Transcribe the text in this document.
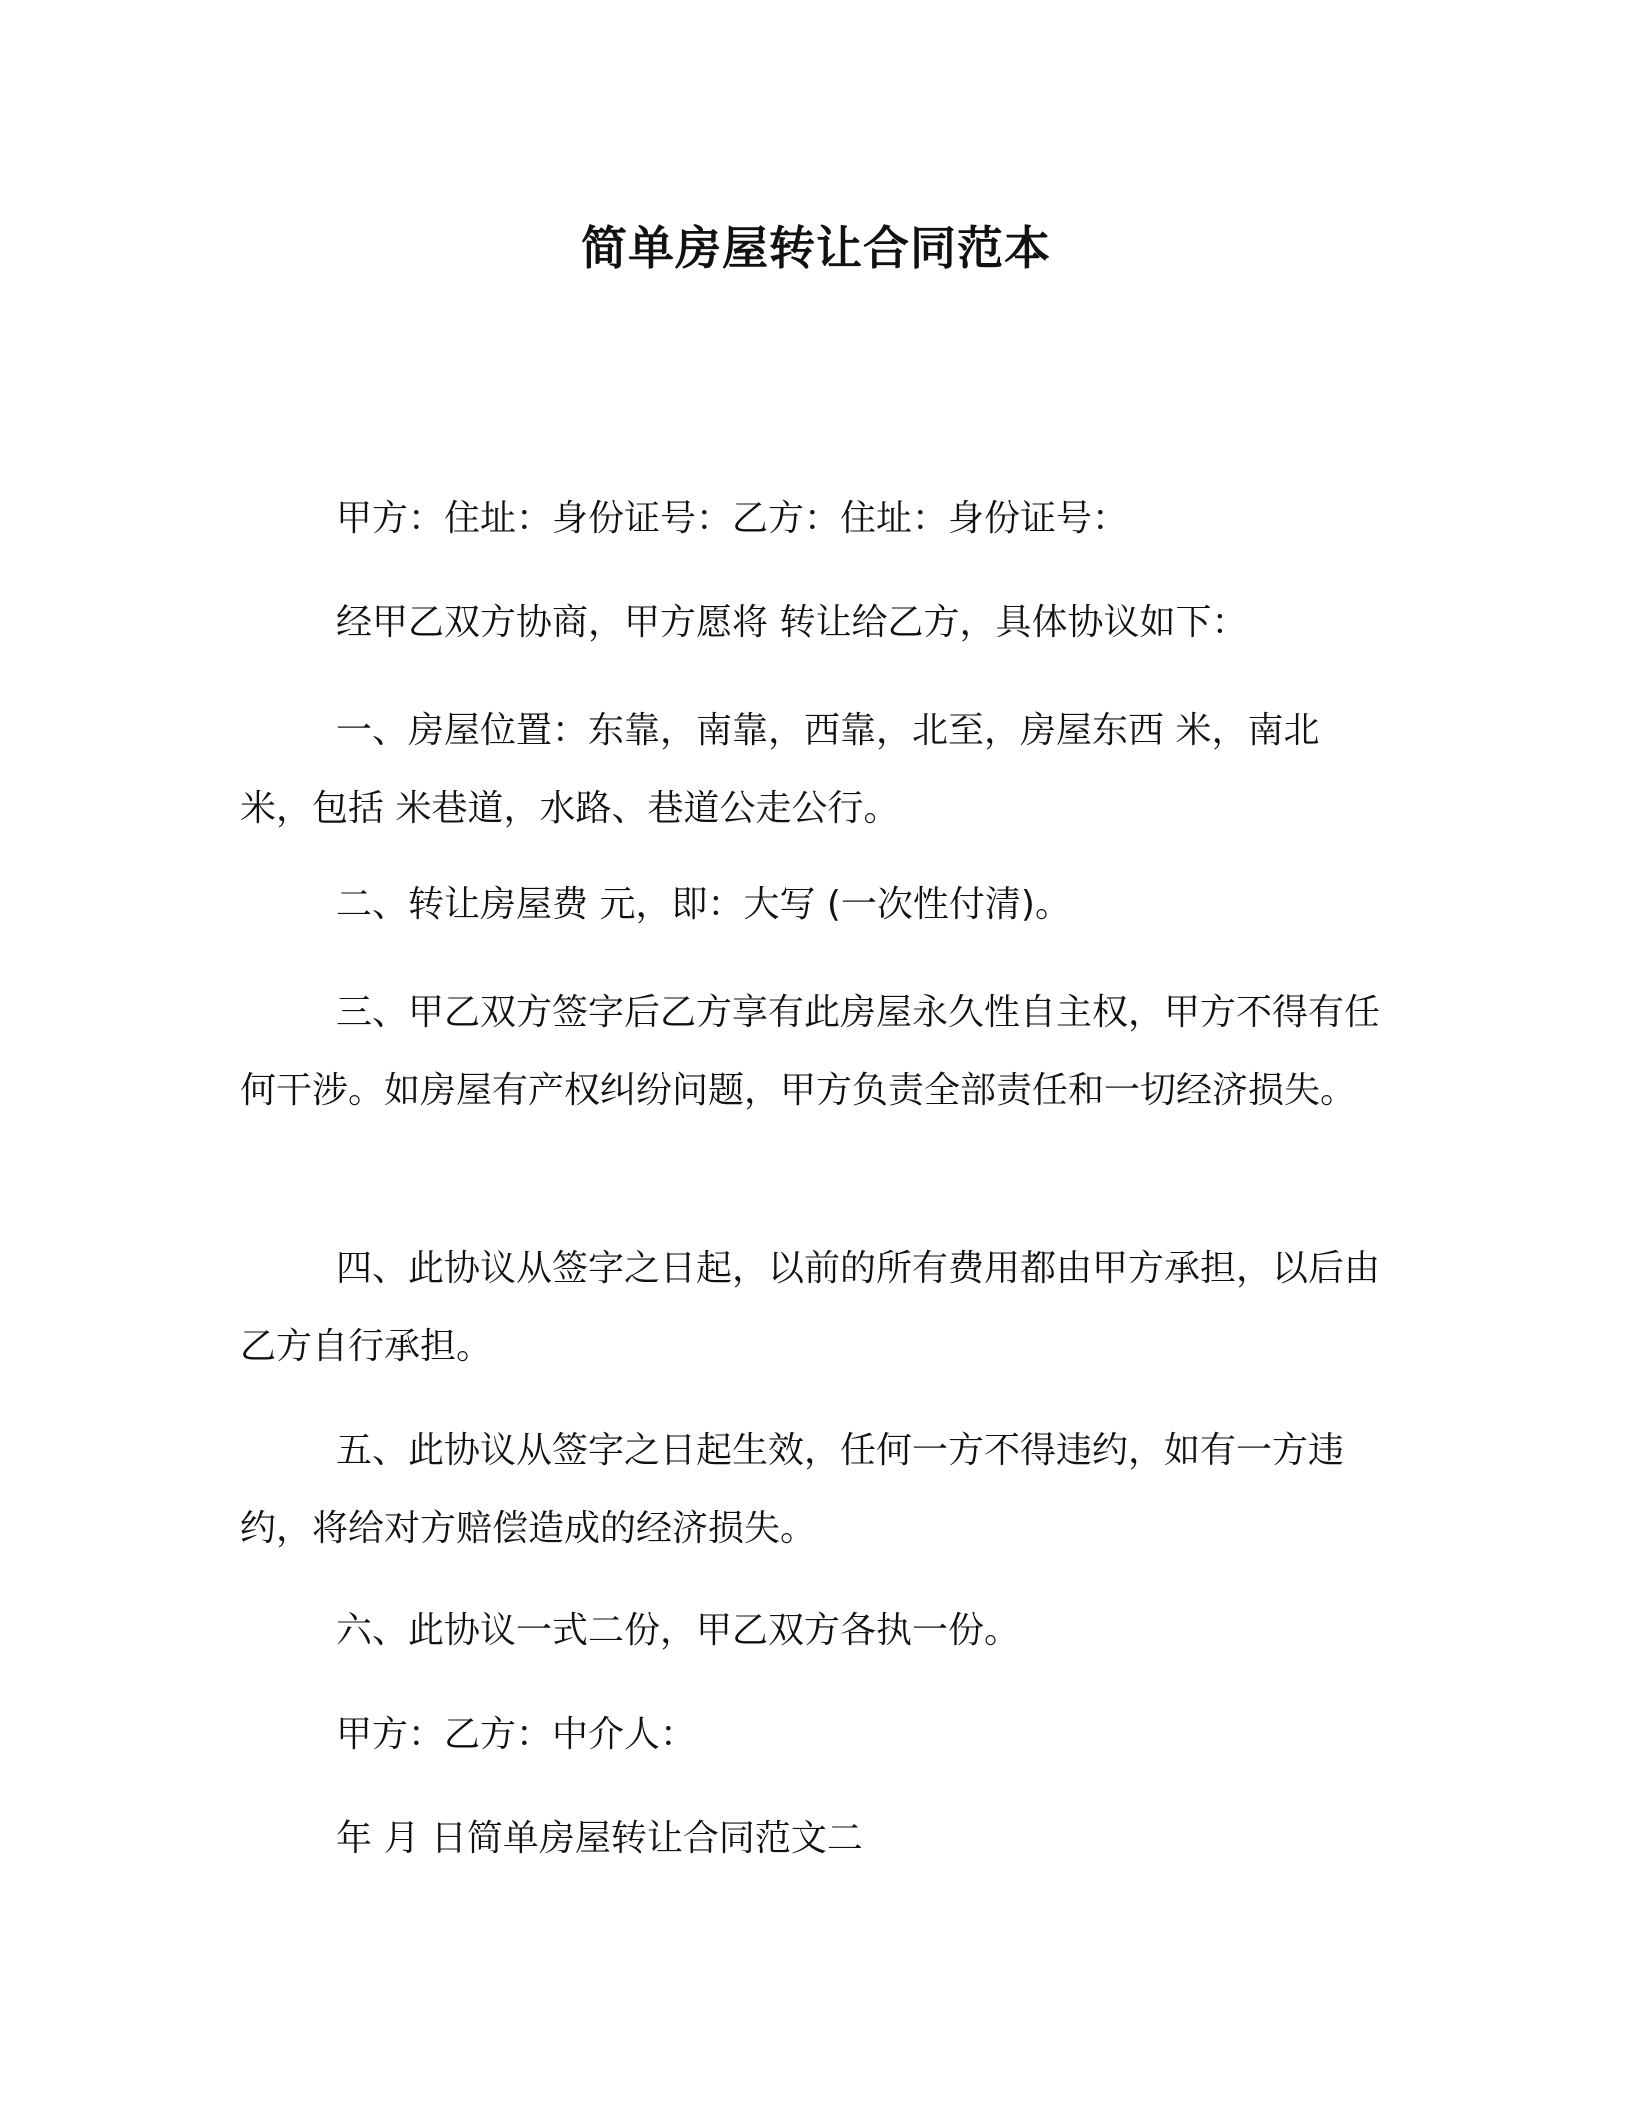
简单房屋转让合同范本

甲方：住址：身份证号：乙方：住址：身份证号：

经甲乙双方协商，甲方愿将 转让给乙方，具体协议如下：

一、房屋位置：东靠，南靠，西靠，北至，房屋东西 米，南北 米，包括 米巷道，水路、巷道公走公行。

二、转让房屋费 元，即：大写 (一次性付清)。

三、甲乙双方签字后乙方享有此房屋永久性自主权，甲方不得有任何干涉。如房屋有产权纠纷问题，甲方负责全部责任和一切经济损失。

四、此协议从签字之日起，以前的所有费用都由甲方承担，以后由乙方自行承担。

五、此协议从签字之日起生效，任何一方不得违约，如有一方违约，将给对方赔偿造成的经济损失。

六、此协议一式二份，甲乙双方各执一份。

甲方：乙方：中介人：

年 月 日简单房屋转让合同范文二
